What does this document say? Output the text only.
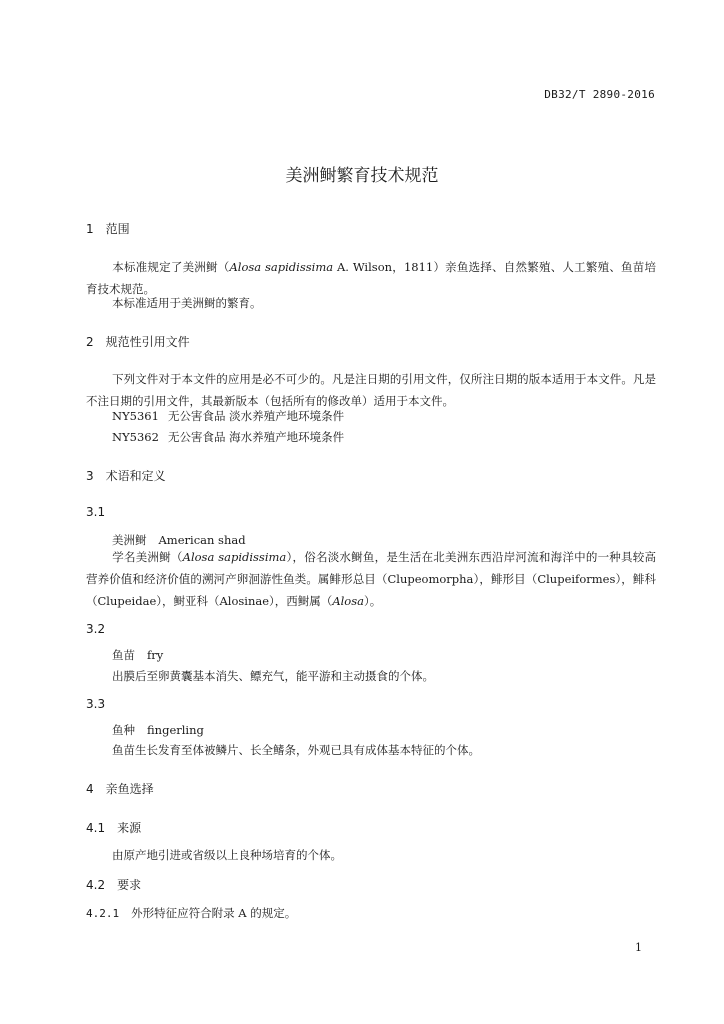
DB32/T 2890-2016
美洲鲥繁育技术规范
1 范围
本标准规定了美洲鲥（Alosa sapidissima A. Wilson，1811）亲鱼选择、自然繁殖、人工繁殖、鱼苗培育技术规范。
本标准适用于美洲鲥的繁育。
2 规范性引用文件
下列文件对于本文件的应用是必不可少的。凡是注日期的引用文件，仅所注日期的版本适用于本文件。凡是不注日期的引用文件，其最新版本（包括所有的修改单）适用于本文件。
NY5361 无公害食品 淡水养殖产地环境条件
NY5362 无公害食品 海水养殖产地环境条件
3 术语和定义
3.1
美洲鲥 American shad
学名美洲鲥（Alosa sapidissima），俗名淡水鲥鱼，是生活在北美洲东西沿岸河流和海洋中的一种具较高营养价值和经济价值的溯河产卵洄游性鱼类。属鲱形总目（Clupeomorpha），鲱形目（Clupeiformes），鲱科（Clupeidae），鲥亚科（Alosinae），西鲥属（Alosa）。
3.2
鱼苗 fry
出膜后至卵黄囊基本消失、鳔充气，能平游和主动摄食的个体。
3.3
鱼种 fingerling
鱼苗生长发育至体被鳞片、长全鳍条，外观已具有成体基本特征的个体。
4 亲鱼选择
4.1 来源
由原产地引进或省级以上良种场培育的个体。
4.2 要求
4.2.1 外形特征应符合附录 A 的规定。
1
